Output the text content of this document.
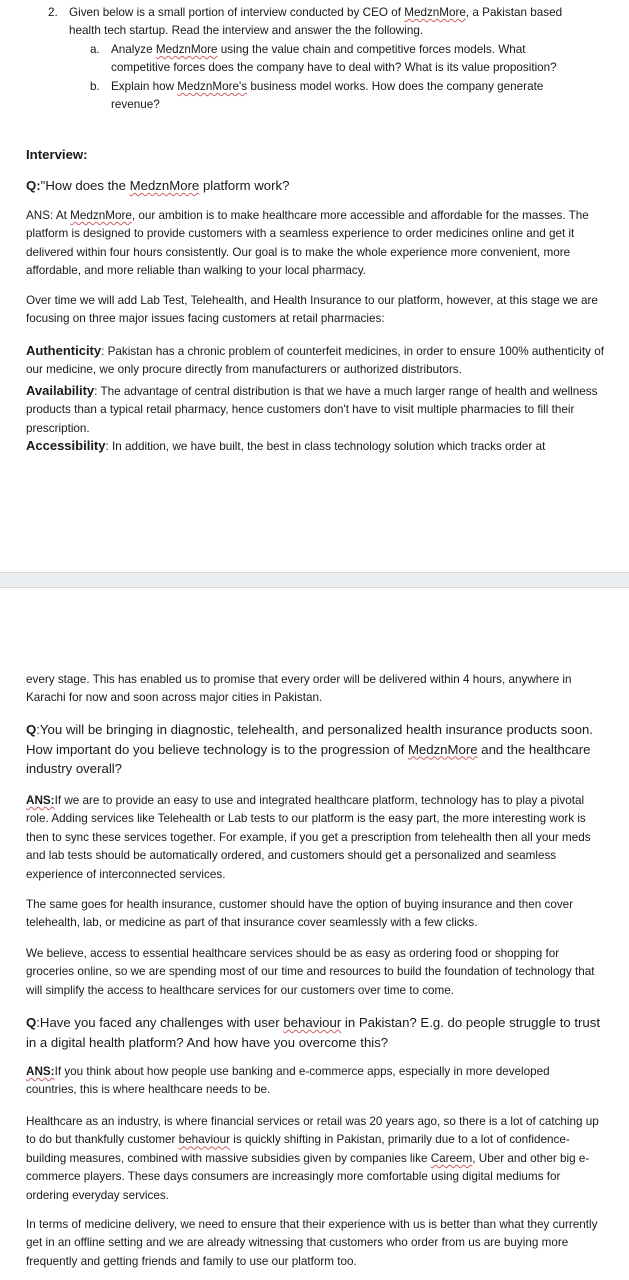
2. Given below is a small portion of interview conducted by CEO of MedznMore, a Pakistan based health tech startup. Read the interview and answer the the following.

a. Analyze MedznMore using the value chain and competitive forces models. What competitive forces does the company have to deal with? What is its value proposition?

b. Explain how MedznMore's business model works. How does the company generate revenue?

Interview:

Q:"How does the MedznMore platform work?

ANS: At MedznMore, our ambition is to make healthcare more accessible and affordable for the masses. The platform is designed to provide customers with a seamless experience to order medicines online and get it delivered within four hours consistently. Our goal is to make the whole experience more convenient, more affordable, and more reliable than walking to your local pharmacy.

Over time we will add Lab Test, Telehealth, and Health Insurance to our platform, however, at this stage we are focusing on three major issues facing customers at retail pharmacies:

Authenticity: Pakistan has a chronic problem of counterfeit medicines, in order to ensure 100% authenticity of our medicine, we only procure directly from manufacturers or authorized distributors.

Availability: The advantage of central distribution is that we have a much larger range of health and wellness products than a typical retail pharmacy, hence customers don't have to visit multiple pharmacies to fill their prescription.

Accessibility: In addition, we have built, the best in class technology solution which tracks order at

every stage. This has enabled us to promise that every order will be delivered within 4 hours, anywhere in Karachi for now and soon across major cities in Pakistan.

Q:You will be bringing in diagnostic, telehealth, and personalized health insurance products soon. How important do you believe technology is to the progression of MedznMore and the healthcare industry overall?

ANS:If we are to provide an easy to use and integrated healthcare platform, technology has to play a pivotal role. Adding services like Telehealth or Lab tests to our platform is the easy part, the more interesting work is then to sync these services together. For example, if you get a prescription from telehealth then all your meds and lab tests should be automatically ordered, and customers should get a personalized and seamless experience of interconnected services.

The same goes for health insurance, customer should have the option of buying insurance and then cover telehealth, lab, or medicine as part of that insurance cover seamlessly with a few clicks.

We believe, access to essential healthcare services should be as easy as ordering food or shopping for groceries online, so we are spending most of our time and resources to build the foundation of technology that will simplify the access to healthcare services for our customers over time to come.

Q:Have you faced any challenges with user behaviour in Pakistan? E.g. do people struggle to trust in a digital health platform? And how have you overcome this?

ANS:If you think about how people use banking and e-commerce apps, especially in more developed countries, this is where healthcare needs to be.

Healthcare as an industry, is where financial services or retail was 20 years ago, so there is a lot of catching up to do but thankfully customer behaviour is quickly shifting in Pakistan, primarily due to a lot of confidence-building measures, combined with massive subsidies given by companies like Careem, Uber and other big e-commerce players. These days consumers are increasingly more comfortable using digital mediums for ordering everyday services.

In terms of medicine delivery, we need to ensure that their experience with us is better than what they currently get in an offline setting and we are already witnessing that customers who order from us are buying more frequently and getting friends and family to use our platform too.
